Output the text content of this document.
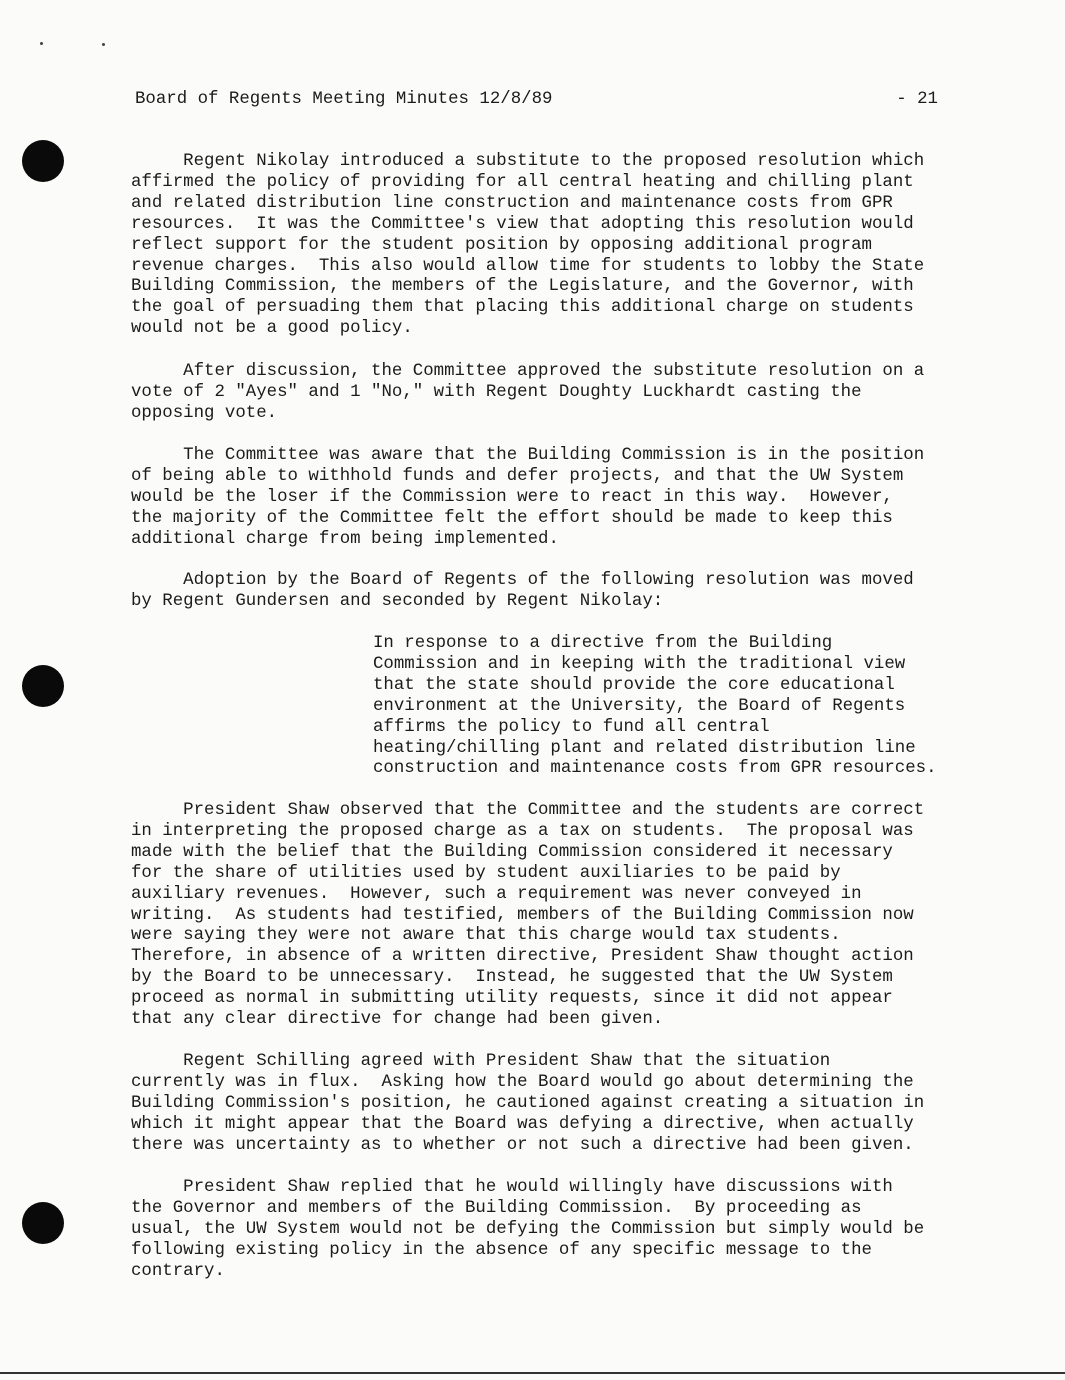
Board of Regents Meeting Minutes 12/8/89	- 21

Regent Nikolay introduced a substitute to the proposed resolution which
affirmed the policy of providing for all central heating and chilling plant
and related distribution line construction and maintenance costs from GPR
resources.  It was the Committee's view that adopting this resolution would
reflect support for the student position by opposing additional program
revenue charges.  This also would allow time for students to lobby the State
Building Commission, the members of the Legislature, and the Governor, with
the goal of persuading them that placing this additional charge on students
would not be a good policy.

After discussion, the Committee approved the substitute resolution on a
vote of 2 "Ayes" and 1 "No," with Regent Doughty Luckhardt casting the
opposing vote.

The Committee was aware that the Building Commission is in the position
of being able to withhold funds and defer projects, and that the UW System
would be the loser if the Commission were to react in this way.  However,
the majority of the Committee felt the effort should be made to keep this
additional charge from being implemented.

Adoption by the Board of Regents of the following resolution was moved
by Regent Gundersen and seconded by Regent Nikolay:

In response to a directive from the Building
Commission and in keeping with the traditional view
that the state should provide the core educational
environment at the University, the Board of Regents
affirms the policy to fund all central
heating/chilling plant and related distribution line
construction and maintenance costs from GPR resources.

President Shaw observed that the Committee and the students are correct
in interpreting the proposed charge as a tax on students.  The proposal was
made with the belief that the Building Commission considered it necessary
for the share of utilities used by student auxiliaries to be paid by
auxiliary revenues.  However, such a requirement was never conveyed in
writing.  As students had testified, members of the Building Commission now
were saying they were not aware that this charge would tax students.
Therefore, in absence of a written directive, President Shaw thought action
by the Board to be unnecessary.  Instead, he suggested that the UW System
proceed as normal in submitting utility requests, since it did not appear
that any clear directive for change had been given.

Regent Schilling agreed with President Shaw that the situation
currently was in flux.  Asking how the Board would go about determining the
Building Commission's position, he cautioned against creating a situation in
which it might appear that the Board was defying a directive, when actually
there was uncertainty as to whether or not such a directive had been given.

President Shaw replied that he would willingly have discussions with
the Governor and members of the Building Commission.  By proceeding as
usual, the UW System would not be defying the Commission but simply would be
following existing policy in the absence of any specific message to the
contrary.
